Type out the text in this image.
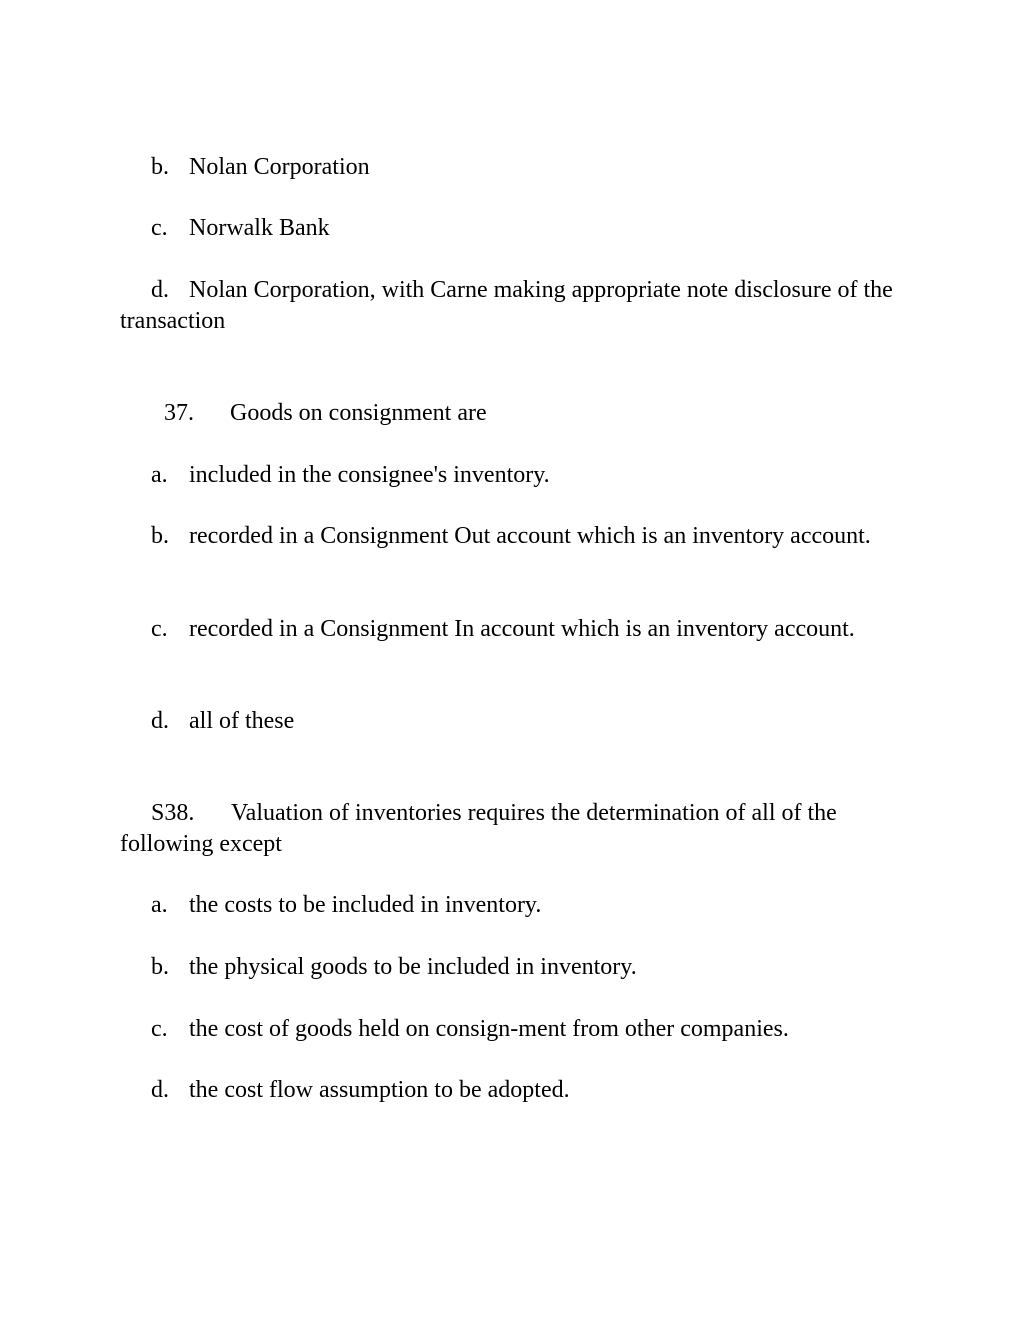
b. Nolan Corporation

c. Norwalk Bank

d. Nolan Corporation, with Carne making appropriate note disclosure of the transaction

37. Goods on consignment are

a. included in the consignee's inventory.

b. recorded in a Consignment Out account which is an inventory account.

c. recorded in a Consignment In account which is an inventory account.

d. all of these

S38. Valuation of inventories requires the determination of all of the following except

a. the costs to be included in inventory.

b. the physical goods to be included in inventory.

c. the cost of goods held on consign-ment from other companies.

d. the cost flow assumption to be adopted.
